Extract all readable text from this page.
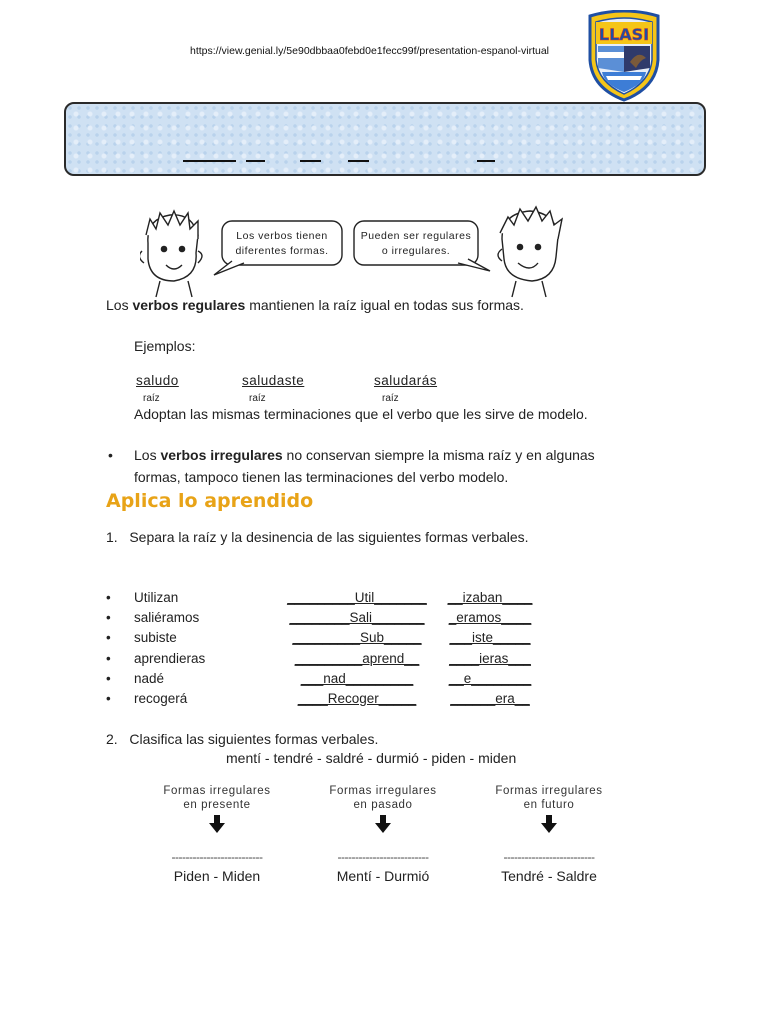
https://view.genial.ly/5e90dbbaa0febd0e1fecc99f/presentation-espanol-virtual
LLASI
Los verbos tienen
diferentes formas.
Pueden ser regulares
o irregulares.
Los verbos regulares mantienen la raíz igual en todas sus formas.
Ejemplos:
saludo
raíz
saludaste
raíz
saludarás
raíz
Adoptan las mismas terminaciones que el verbo que les sirve de modelo.
• Los verbos irregulares no conservan siempre la misma raíz y en algunas
formas, tampoco tienen las terminaciones del verbo modelo.
Aplica lo aprendido
1.   Separa la raíz y la desinencia de las siguientes formas verbales.
• Utilizan	_________Util_______ __izaban____
• saliéramos	________Sali_______	_eramos____
• subiste	_________Sub_____	___iste_____
• aprendieras	_________aprend__	____ieras___
• nadé	___nad_________	__e________
• recogerá	____Recoger_____	______era__
2.   Clasifica las siguientes formas verbales.
mentí - tendré - saldré - durmió - piden - miden
Formas irregulares
en presente
Formas irregulares
en pasado
Formas irregulares
en futuro
--------------------------	--------------------------	--------------------------
Piden - Miden	Mentí - Durmió	Tendré - Saldre
